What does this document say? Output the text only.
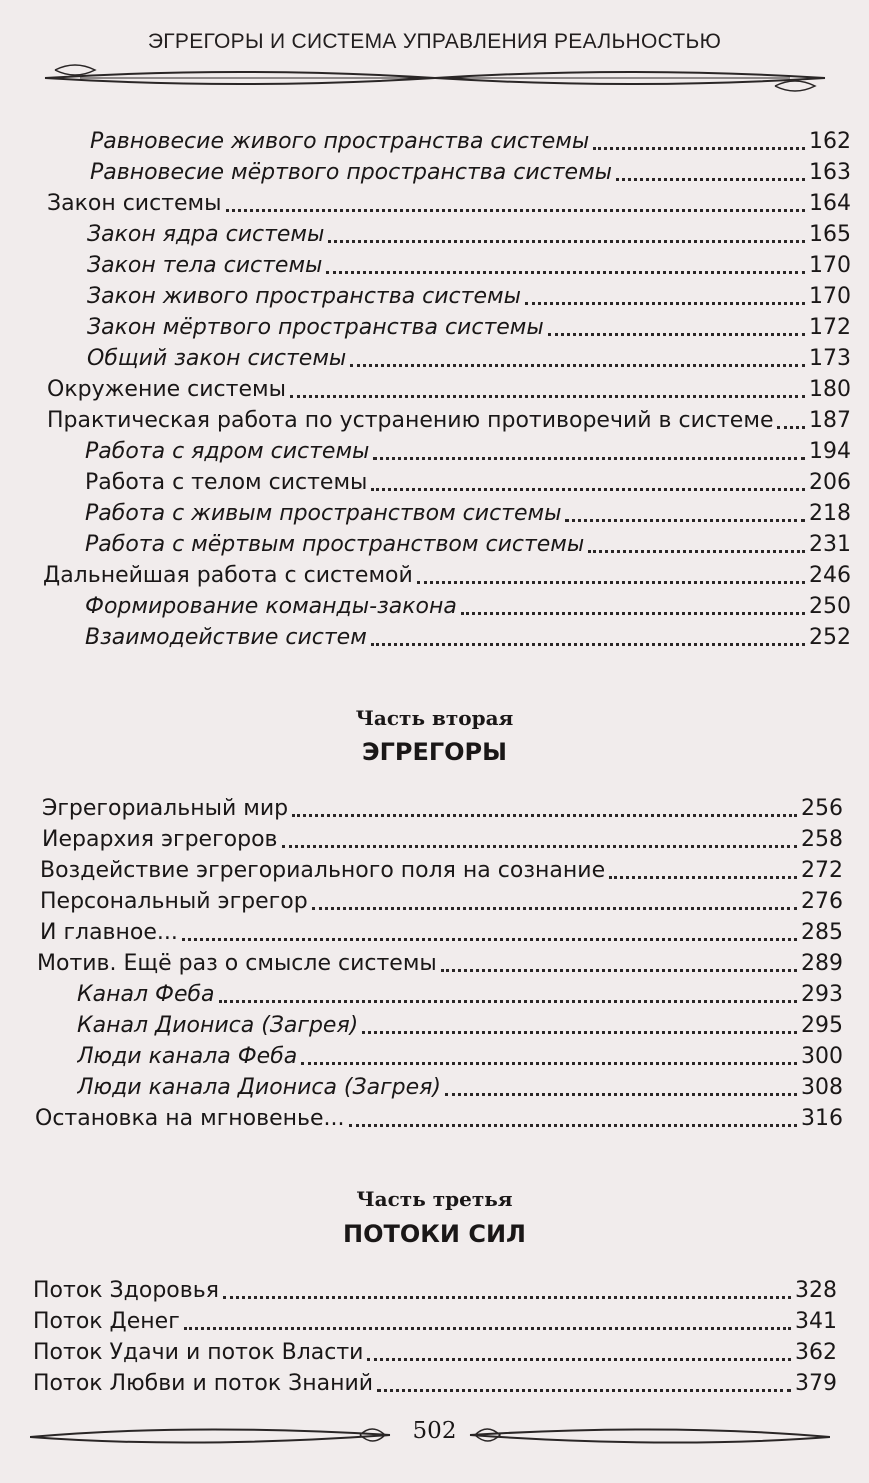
ЭГРЕГОРЫ И СИСТЕМА УПРАВЛЕНИЯ РЕАЛЬНОСТЬЮ
Равновесие живого пространства системы	162
Равновесие мёртвого пространства системы	163
Закон системы	164
Закон ядра системы	165
Закон тела системы	170
Закон живого пространства системы	170
Закон мёртвого пространства системы	172
Общий закон системы	173
Окружение системы	180
Практическая работа по устранению противоречий в системе 187
Работа с ядром системы	194
Работа с телом системы	206
Работа с живым пространством системы	218
Работа с мёртвым пространством системы	231
Дальнейшая работа с системой	246
Формирование команды-закона	250
Взаимодействие систем	252
Часть вторая
ЭГРЕГОРЫ
Эгрегориальный мир	256
Иерархия эгрегоров	258
Воздействие эгрегориального поля на сознание	272
Персональный эгрегор	276
И главное...	285
Мотив. Ещё раз о смысле системы	289
Канал Феба	293
Канал Диониса (Загрея)	295
Люди канала Феба	300
Люди канала Диониса (Загрея)	308
Остановка на мгновенье...	316
Часть третья
ПОТОКИ СИЛ
Поток Здоровья	328
Поток Денег	341
Поток Удачи и поток Власти	362
Поток Любви и поток Знаний	379
502
